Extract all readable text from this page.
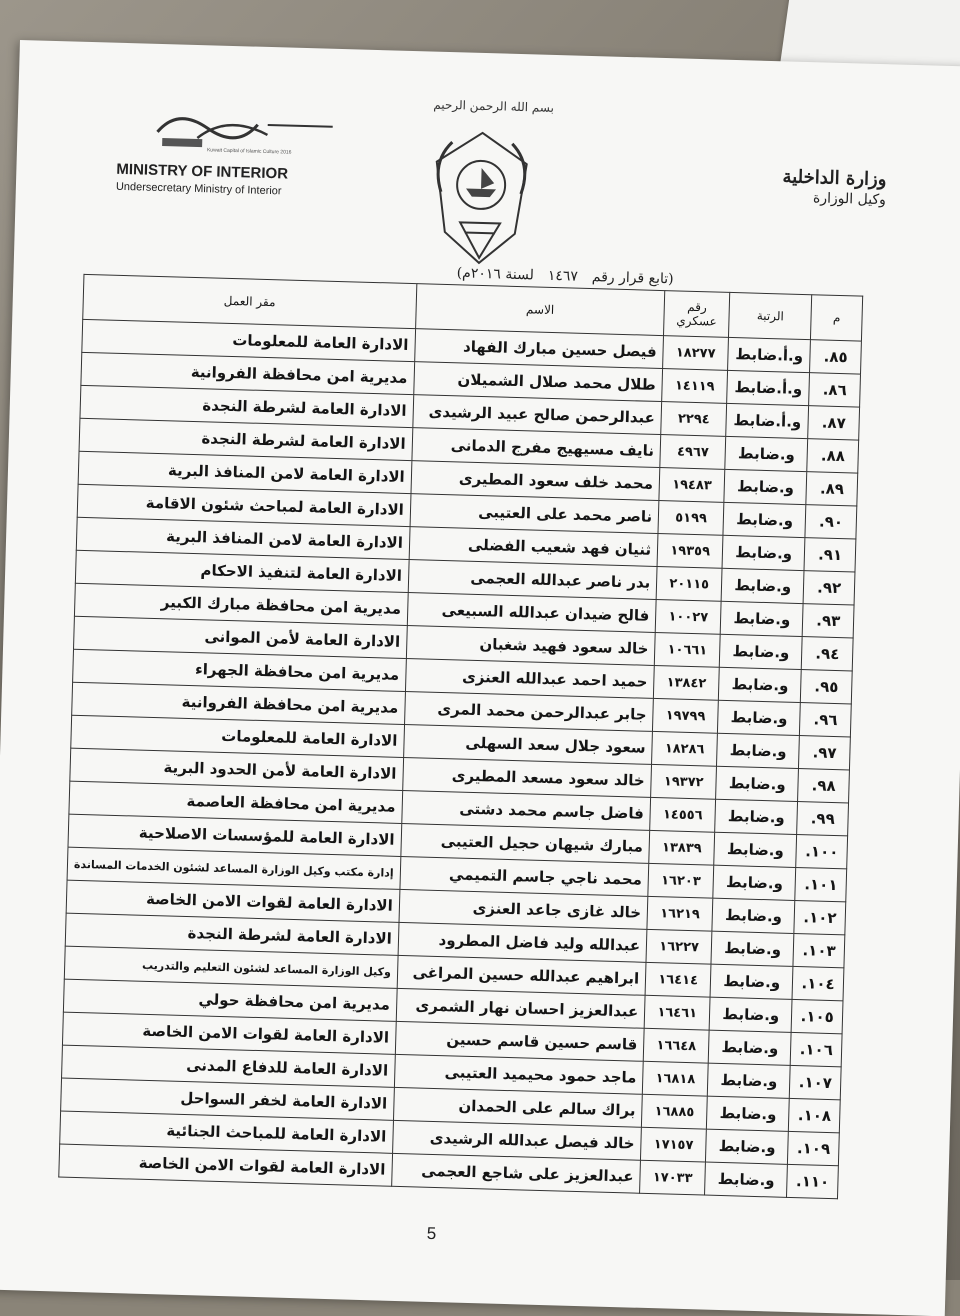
Kuwait Capital of Islamic Culture 2016
MINISTRY OF INTERIOR
Undersecretary Ministry of Interior
بسم الله الرحمن الرحيم
وزارة الداخلية
وكيل الوزارة
(تابع قرار رقم
١٤٦٧
لسنة ٢٠١٦م)
م	الرتبة	رقم عسكري	الاسم	مقر العمل
٨٥.	و.أ.ضابط	١٨٢٧٧	فيصل حسين مبارك الفهاد	الادارة العامة للمعلومات
٨٦.	و.أ.ضابط	١٤١١٩	طلال محمد صلال الشميلان	مديرية امن محافظة الفروانية
٨٧.	و.أ.ضابط	٢٢٩٤	عبدالرحمن صالح عبيد الرشيدى	الادارة العامة لشرطة النجدة
٨٨.	و.ضابط	٤٩٦٧	نايف مسيهيج مفرج الدمانى	الادارة العامة لشرطة النجدة
٨٩.	و.ضابط	١٩٤٨٣	محمد خلف سعود المطيرى	الادارة العامة لامن المنافذ البرية
٩٠.	و.ضابط	٥١٩٩	ناصر محمد على العتيبى	الادارة العامة لمباحث شئون الاقامة
٩١.	و.ضابط	١٩٣٥٩	ثنيان فهد شعيب الفضلى	الادارة العامة لامن المنافذ البرية
٩٢.	و.ضابط	٢٠١١٥	بدر ناصر عبدالله العجمى	الادارة العامة لتنفيذ الاحكام
٩٣.	و.ضابط	١٠٠٢٧	فالح ضيدان عبدالله السبيعى	مديرية امن محافظة مبارك الكبير
٩٤.	و.ضابط	١٠٦٦١	خالد سعود فهيد شغبان	الادارة العامة لأمن الموانى
٩٥.	و.ضابط	١٣٨٤٢	حميد احمد عبدالله العنزى	مديرية امن محافظة الجهراء
٩٦.	و.ضابط	١٩٧٩٩	جابر عبدالرحمن محمد المرى	مديرية امن محافظة الفروانية
٩٧.	و.ضابط	١٨٢٨٦	سعود جلال سعد السهلى	الادارة العامة للمعلومات
٩٨.	و.ضابط	١٩٣٧٢	خالد سعود مسعد المطيرى	الادارة العامة لأمن الحدود البرية
٩٩.	و.ضابط	١٤٥٥٦	فاضل جاسم محمد دشتى	مديرية امن محافظة العاصمة
١٠٠.	و.ضابط	١٣٨٣٩	مبارك شيهان حجيل العتيبى	الادارة العامة للمؤسسات الاصلاحية
١٠١.	و.ضابط	١٦٢٠٣	محمد ناجي جاسم التميمي	إدارة مكتب وكيل الوزارة المساعد لشئون الخدمات المساندة
١٠٢.	و.ضابط	١٦٢١٩	خالد غازى جاعد العنزى	الادارة العامة لقوات الامن الخاصة
١٠٣.	و.ضابط	١٦٢٢٧	عبدالله وليد فاضل المطرود	الادارة العامة لشرطة النجدة
١٠٤.	و.ضابط	١٦٤١٤	ابراهيم عبدالله حسين المراغى	وكيل الوزارة المساعد لشئون التعليم والتدريب
١٠٥.	و.ضابط	١٦٤٦١	عبدالعزيز احسان نهار الشمرى	مديرية امن محافظة حولي
١٠٦.	و.ضابط	١٦٦٤٨	قاسم حسين قاسم حسين	الادارة العامة لقوات الامن الخاصة
١٠٧.	و.ضابط	١٦٨١٨	ماجد حمود محيميد العتيبى	الادارة العامة للدفاع المدنى
١٠٨.	و.ضابط	١٦٨٨٥	براك سالم على الحمدان	الادارة العامة لخفر السواحل
١٠٩.	و.ضابط	١٧١٥٧	خالد فيصل عبدالله الرشيدى	الادارة العامة للمباحث الجنائية
١١٠.	و.ضابط	١٧٠٣٣	عبدالعزيز على شاجع العجمى	الادارة العامة لقوات الامن الخاصة
5
